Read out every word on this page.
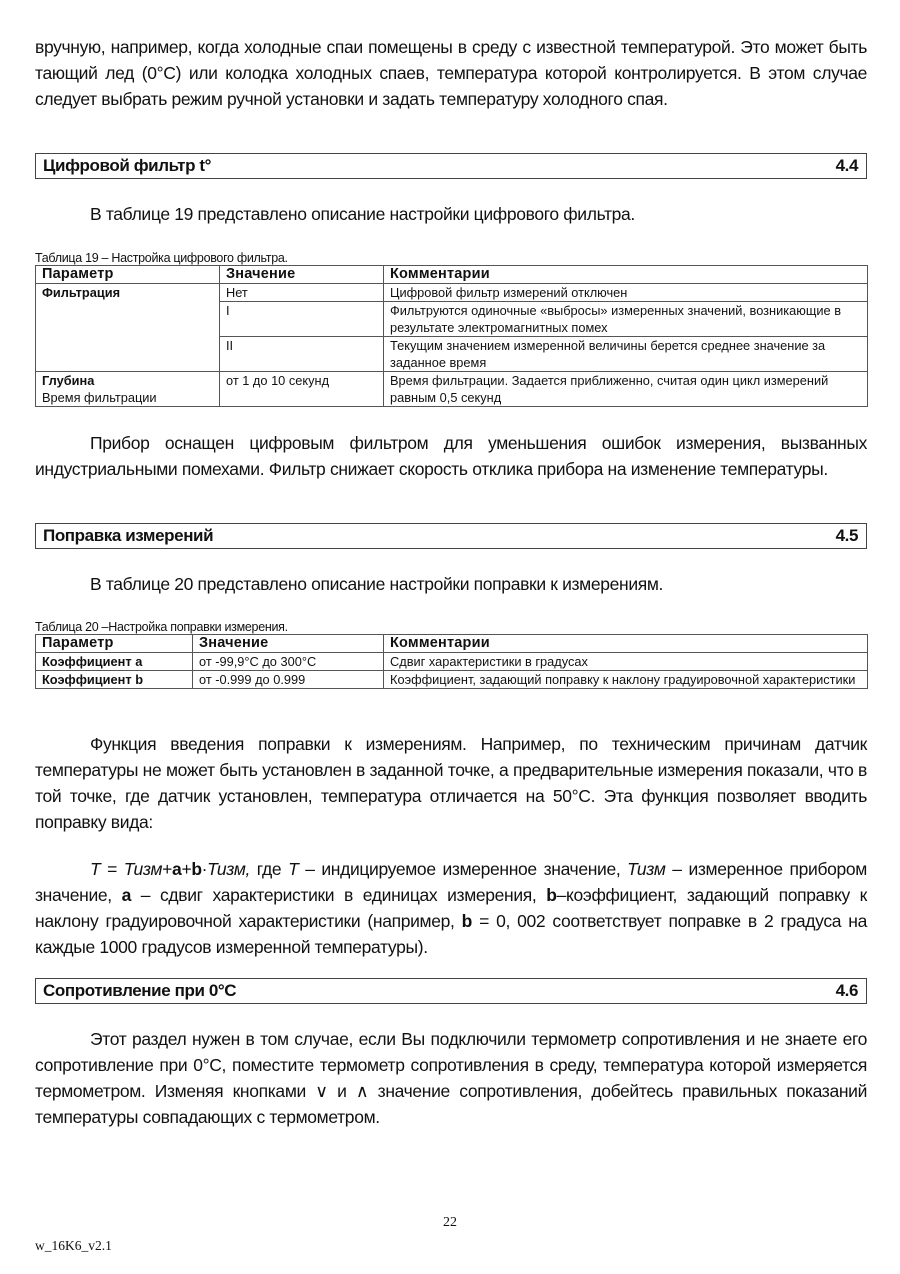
вручную, например, когда холодные спаи помещены в среду с известной температурой. Это может быть тающий лед (0°С) или колодка холодных спаев, температура которой контролируется. В этом случае следует выбрать режим ручной установки и задать температуру холодного спая.

Цифровой фильтр t°	4.4

В таблице 19 представлено описание настройки цифрового фильтра.

Таблица 19 – Настройка цифрового фильтра.
Параметр	Значение	Комментарии
Фильтрация	Нет	Цифровой фильтр измерений отключен
	I	Фильтруются одиночные «выбросы» измеренных значений, возникающие в результате электромагнитных помех
	II	Текущим значением измеренной величины берется среднее значение за заданное время

Глубина
Время фильтрации	от 1 до 10 секунд	Время фильтрации. Задается приближенно, считая один цикл измерений равным 0,5 секунд

Прибор оснащен цифровым фильтром для уменьшения ошибок измерения, вызванных индустриальными помехами. Фильтр снижает скорость отклика прибора на изменение температуры.

Поправка измерений	4.5

В таблице 20 представлено описание настройки поправки к измерениям.

Таблица 20 –Настройка поправки измерения.
Параметр	Значение	Комментарии
Коэффициент a	от -99,9°С до 300°С	Сдвиг характеристики в градусах
Коэффициент b	от -0.999 до 0.999	Коэффициент, задающий поправку к наклону градуировочной характеристики

Функция введения поправки к измерениям. Например, по техническим причинам датчик температуры не может быть установлен в заданной точке, а предварительные измерения показали, что в той точке, где датчик установлен, температура отличается на 50°С. Эта функция позволяет вводить поправку вида:

T = Тизм+a+b·Тизм, где T – индицируемое измеренное значение, Тизм – измеренное прибором значение, а – сдвиг характеристики в единицах измерения, b–коэффициент, задающий поправку к наклону градуировочной характеристики (например, b = 0, 002 соответствует поправке в 2 градуса на каждые 1000 градусов измеренной температуры).

Сопротивление при 0°С	4.6

Этот раздел нужен в том случае, если Вы подключили термометр сопротивления и не знаете его сопротивление при 0°С, поместите термометр сопротивления в среду, температура которой измеряется термометром. Изменяя кнопками ∨ и ∧ значение сопротивления, добейтесь правильных показаний температуры совпадающих с термометром.

22
w_16K6_v2.1
